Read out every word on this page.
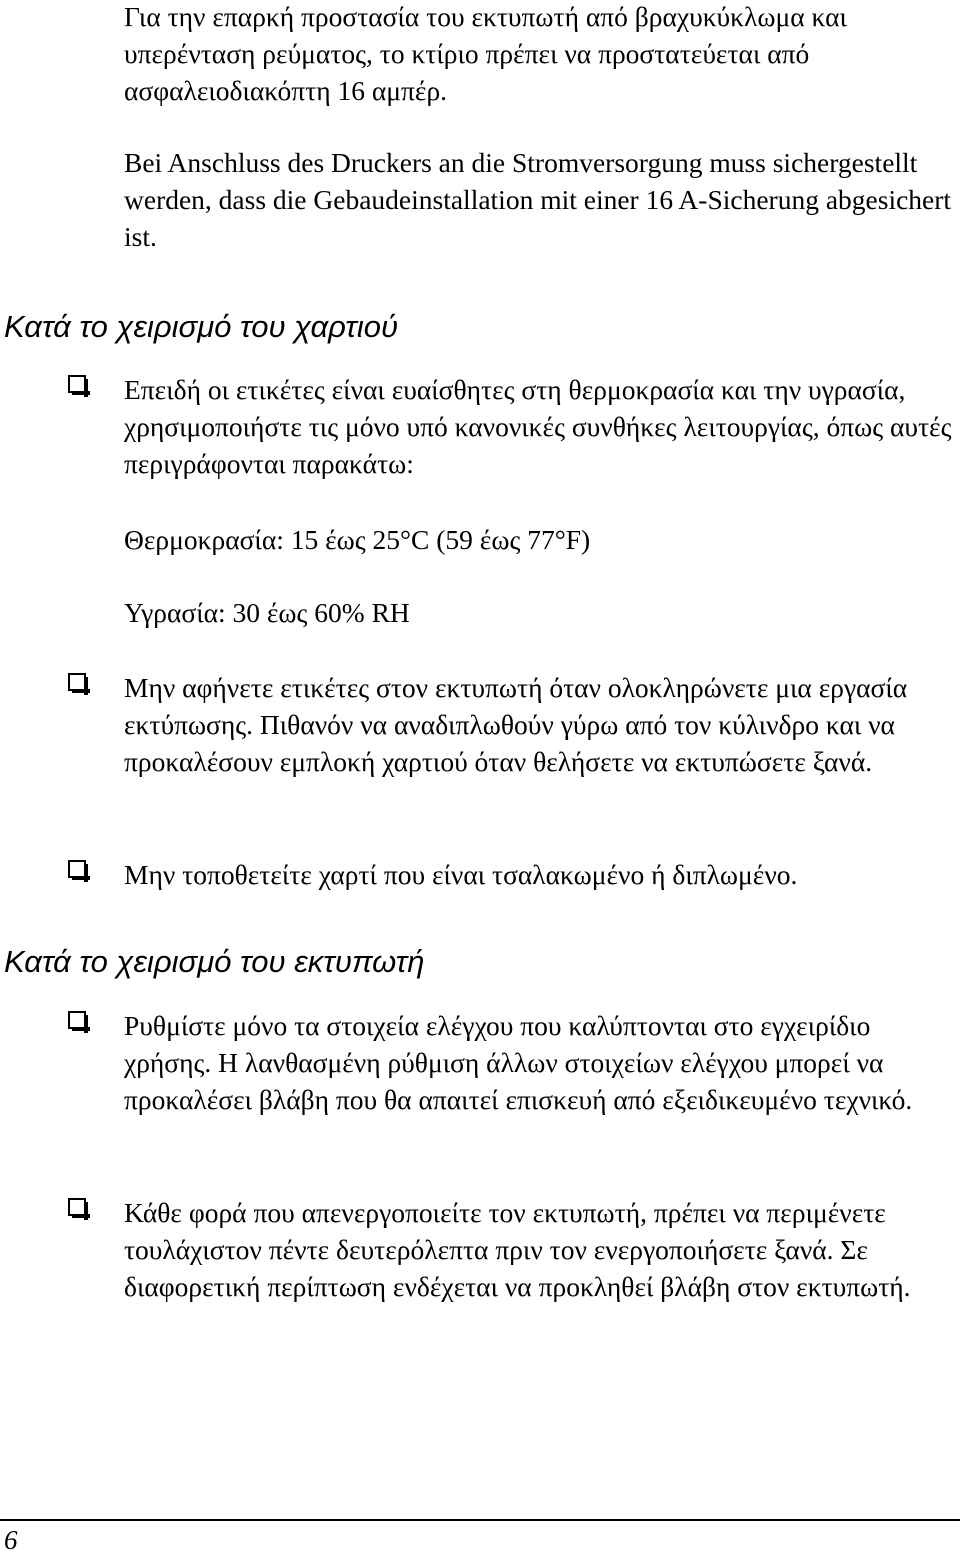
Για την επαρκή προστασία του εκτυπωτή από βραχυκύκλωμα και υπερένταση ρεύματος, το κτίριο πρέπει να προστατεύεται από ασφαλειοδιακόπτη 16 αμπέρ.

Bei Anschluss des Druckers an die Stromversorgung muss sichergestellt werden, dass die Gebaudeinstallation mit einer 16 A-Sicherung abgesichert ist.

Κατά το χειρισμό του χαρτιού

Επειδή οι ετικέτες είναι ευαίσθητες στη θερμοκρασία και την υγρασία, χρησιμοποιήστε τις μόνο υπό κανονικές συνθήκες λειτουργίας, όπως αυτές περιγράφονται παρακάτω:

Θερμοκρασία: 15 έως 25°C (59 έως 77°F)

Υγρασία: 30 έως 60% RH

Μην αφήνετε ετικέτες στον εκτυπωτή όταν ολοκληρώνετε μια εργασία εκτύπωσης. Πιθανόν να αναδιπλωθούν γύρω από τον κύλινδρο και να προκαλέσουν εμπλοκή χαρτιού όταν θελήσετε να εκτυπώσετε ξανά.

Μην τοποθετείτε χαρτί που είναι τσαλακωμένο ή διπλωμένο.

Κατά το χειρισμό του εκτυπωτή

Ρυθμίστε μόνο τα στοιχεία ελέγχου που καλύπτονται στο εγχειρίδιο χρήσης. Η λανθασμένη ρύθμιση άλλων στοιχείων ελέγχου μπορεί να προκαλέσει βλάβη που θα απαιτεί επισκευή από εξειδικευμένο τεχνικό.

Κάθε φορά που απενεργοποιείτε τον εκτυπωτή, πρέπει να περιμένετε τουλάχιστον πέντε δευτερόλεπτα πριν τον ενεργοποιήσετε ξανά. Σε διαφορετική περίπτωση ενδέχεται να προκληθεί βλάβη στον εκτυπωτή.

6
